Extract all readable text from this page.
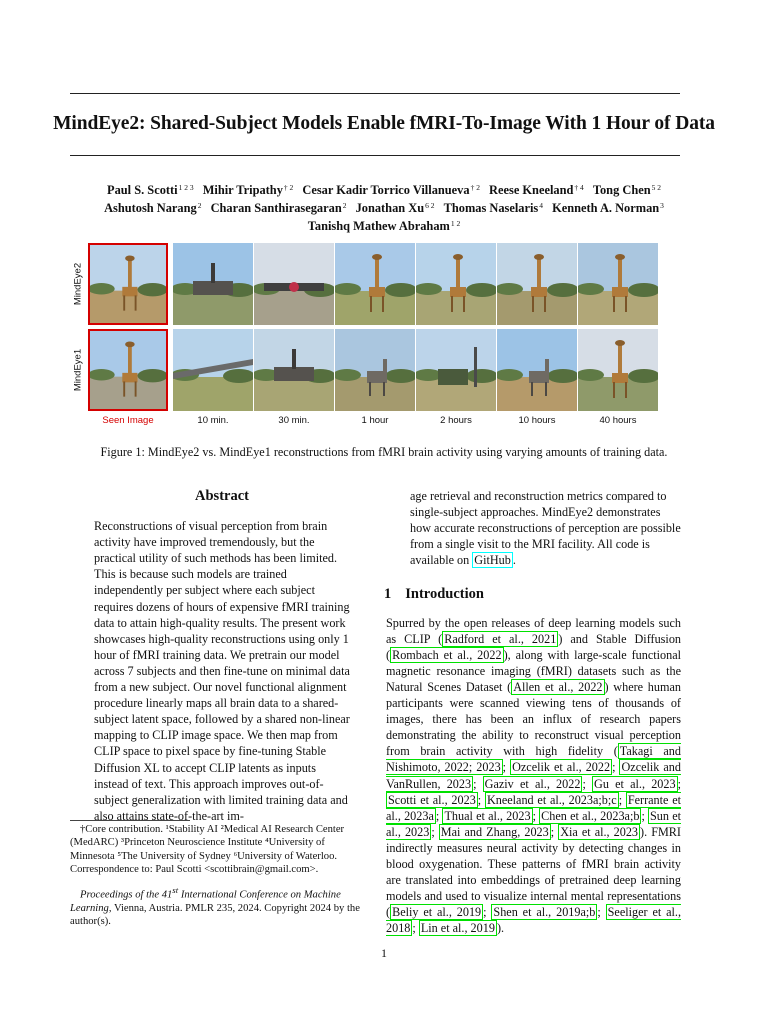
MindEye2: Shared-Subject Models Enable fMRI-To-Image With 1 Hour of Data
Paul S. Scotti$^{1 2 3}$ Mihir Tripathy$^{\dagger 2}$ Cesar Kadir Torrico Villanueva$^{\dagger 2}$ Reese Kneeland$^{\dagger 4}$ Tong Chen$^{5 2}$
Ashutosh Narang$^2$ Charan Santhirasegaran$^2$ Jonathan $Xu^{6 2}$ Thomas Naselaris$^4$ Kenneth A. Norman$^3$
Tanishq Mathew Abraham$^{1 2}$
MindEye2
MindEye1
Seen Image	10 min.	30 min.	1 hour	2 hours	10 hours	40 hours
Figure 1: MindEye2 vs. MindEye1 reconstructions from fMRI brain activity using varying amounts of training data.
Abstract

Reconstructions of visual perception from brain activity have improved tremendously, but the practical utility of such methods has been limited. This is because such models are trained independently per subject where each subject requires dozens of hours of expensive fMRI training data to attain high-quality results. The present work showcases high-quality reconstructions using only 1 hour of fMRI training data. We pretrain our model across 7 subjects and then fine-tune on minimal data from a new subject. Our novel functional alignment procedure linearly maps all brain data to a shared-subject latent space, followed by a shared non-linear mapping to CLIP image space. We then map from CLIP space to pixel space by fine-tuning Stable Diffusion XL to accept CLIP latents as inputs instead of text. This approach improves out-of-subject generalization with limited training data and also attains state-of-the-art im-

age retrieval and reconstruction metrics compared to single-subject approaches. MindEye2 demonstrates how accurate reconstructions of perception are possible from a single visit to the MRI facility. All code is available on GitHub .

1 Introduction

Spurred by the open releases of deep learning models such as CLIP ( Radford et al., 2021 ) and Stable Diffusion ( Rombach et al., 2022 ), along with large-scale functional magnetic resonance imaging (fMRI) datasets such as the Natural Scenes Dataset ( Allen et al., 2022 ) where human participants were scanned viewing tens of thousands of images, there has been an influx of research papers demonstrating the ability to reconstruct visual perception from brain activity with high fidelity ( Takagi and Nishimoto, 2022; 2023 ; Ozcelik et al., 2022 ; Ozcelik and VanRullen, 2023 ; Gaziv et al., 2022 ; Gu et al., 2023 ; Scotti et al., 2023 ; Kneeland et al., 2023a;b;c ; Ferrante et al., 2023a ; Thual et al., 2023 ; Chen et al., 2023a;b ; Sun et al., 2023 ; Mai and Zhang, 2023 ; Xia et al., 2023 ). FMRI indirectly measures neural activity by detecting changes in blood oxygenation. These patterns of fMRI brain activity are translated into embeddings of pretrained deep learning models and used to visualize internal mental representations ( Beliy et al., 2019 ; Shen et al., 2019a;b ; Seeliger et al., 2018 ; Lin et al., 2019 ).

†Core contribution. ¹Stability AI ²Medical AI Research Center (MedARC) ³Princeton Neuroscience Institute ⁴University of Minnesota ⁵The University of Sydney ⁶University of Waterloo. Correspondence to: Paul Scotti <scottibrain@gmail.com>.

Proceedings of the 41st International Conference on Machine Learning, Vienna, Austria. PMLR 235, 2024. Copyright 2024 by the author(s).

1
